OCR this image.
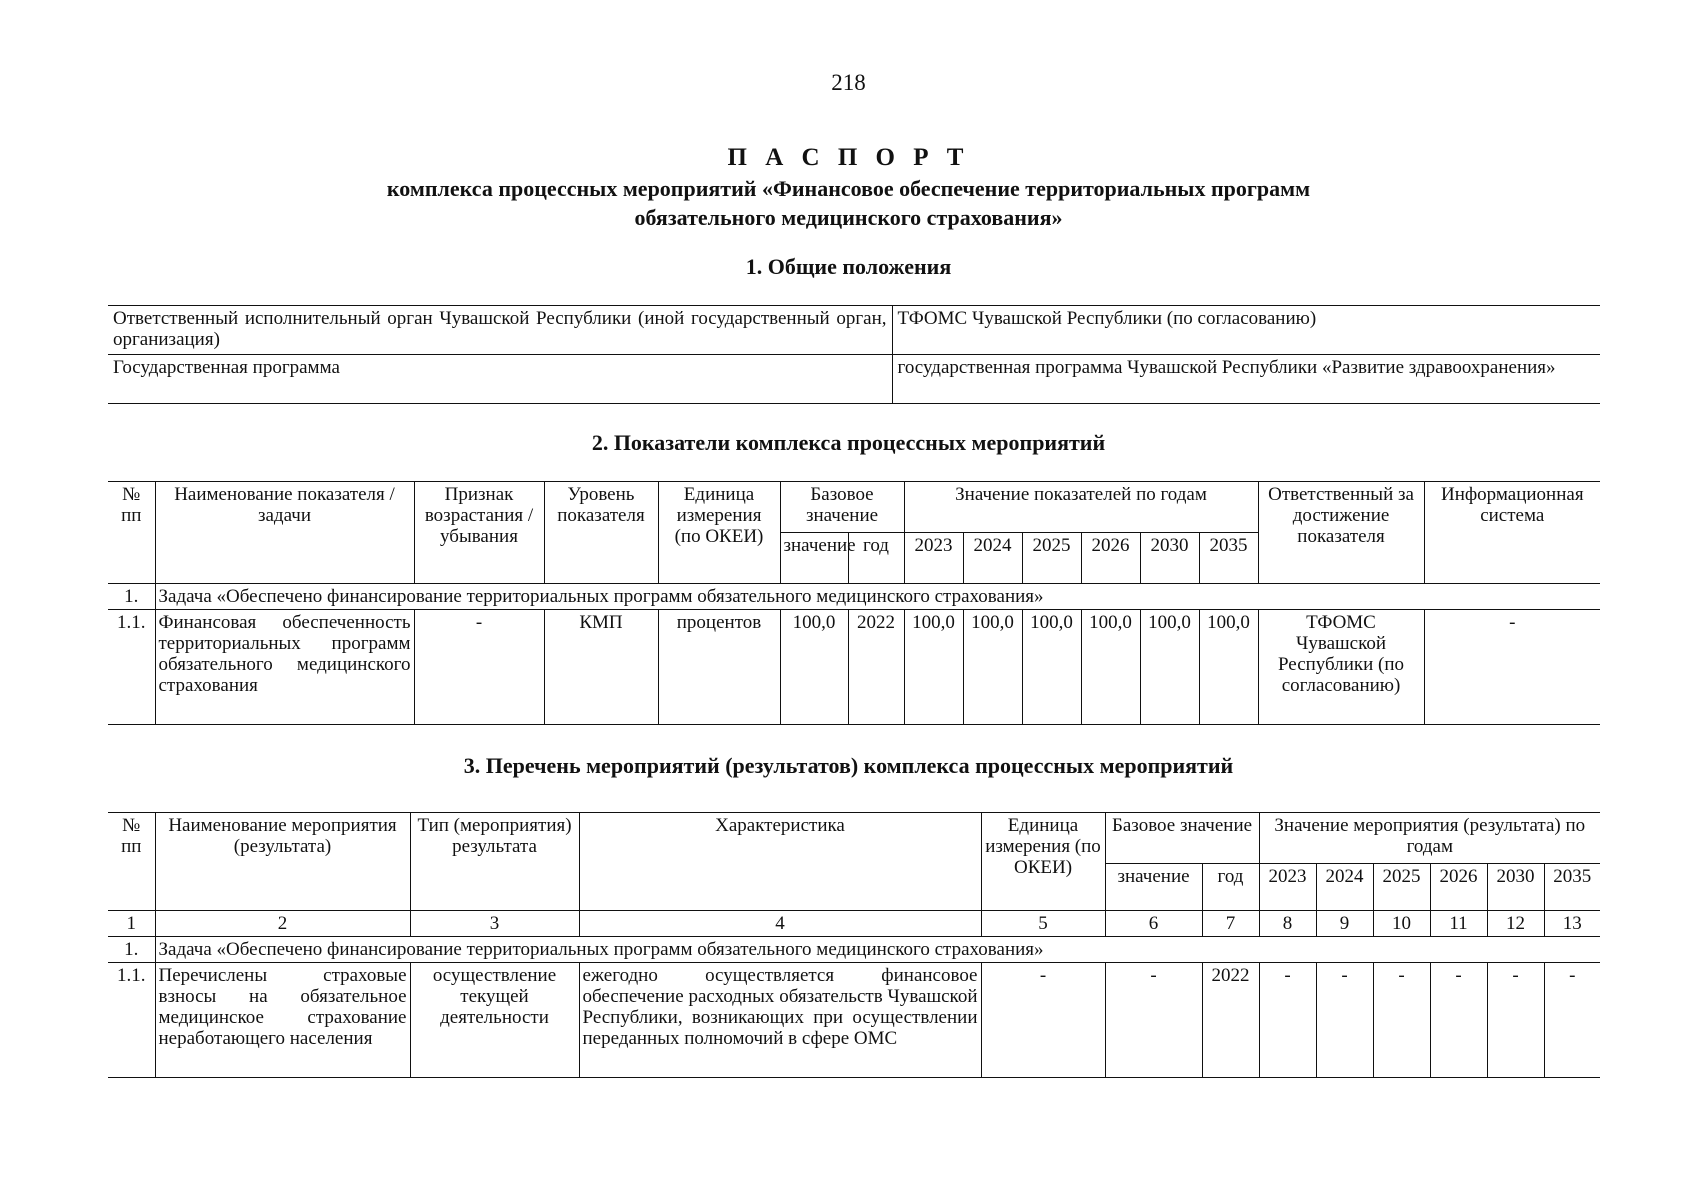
218
П А С П О Р Т
комплекса процессных мероприятий «Финансовое обеспечение территориальных программ
обязательного медицинского страхования»
1. Общие положения
Ответственный исполнительный орган Чувашской Республики (иной государственный орган, организация)	ТФОМС Чувашской Республики (по согласованию)
Государственная программа	государственная программа Чувашской Республики «Развитие здравоохранения»
2. Показатели комплекса процессных мероприятий
№ пп	Наименование показателя / задачи	Признак возрастания / убывания	Уровень показателя	Единица измерения (по ОКЕИ)	Базовое значение		Значение показателей по годам						Ответственный за достижение показателя	Информационная система
					значение	год	2023	2024	2025	2026	2030	2035		
1.	Задача «Обеспечено финансирование территориальных программ обязательного медицинского страхования»													
1.1.	Финансовая обеспеченность территориальных программ обязательного медицинского страхования	-	КМП	процентов	100,0	2022	100,0	100,0	100,0	100,0	100,0	100,0	ТФОМС Чувашской Республики (по согласованию)	-
3. Перечень мероприятий (результатов) комплекса процессных мероприятий
№ пп	Наименование мероприятия (результата)	Тип (мероприятия) результата	Характеристика	Единица измерения (по ОКЕИ)	Базовое значение		Значение мероприятия (результата) по годам					
					значение	год	2023	2024	2025	2026	2030	2035
1	2	3	4	5	6	7	8	9	10	11	12	13
1.	Задача «Обеспечено финансирование территориальных программ обязательного медицинского страхования»											
1.1.	Перечислены страховые взносы на обязательное медицинское страхование неработающего населения	осуществление текущей деятельности	ежегодно осуществляется финансовое обеспечение расходных обязательств Чувашской Республики, возникающих при осуществлении переданных полномочий в сфере ОМС	-	-	2022	-	-	-	-	-	-
